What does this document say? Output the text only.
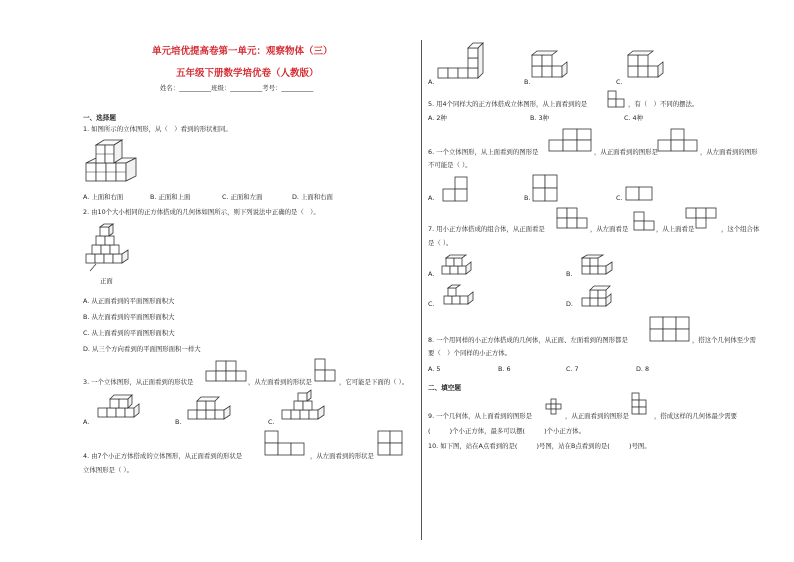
单元培优提高卷第一单元：观察物体（三）
五年级下册数学培优卷（人教版）
姓名：__________班级：__________考号：__________
一、选择题
1. 如图所示的立体图形，从（　）看到的形状相同。
A. 上面和右面	B. 正面和上面	C. 正面和左面	D. 上面和右面
2. 由10个大小相同的正方体搭成的几何体如图所示，则下列说法中正确的是（　）。
正面
A. 从正面看到的平面图形面积大
B. 从左面看到的平面图形面积大
C. 从上面看到的平面图形面积大
D. 从三个方向看到的平面图形面积一样大
3. 一个立体图形，从正面看到的形状是	，从左面看到的形状是	，它可能是下面的（ ）。
A.	B.	C.
4. 由7个小正方体搭成的立体图形，从正面看到的形状是	，从左面看到的形状是
立体图形是（ ）。
A.	B.	C.
5. 用4个同样大的正方体搭成立体图形，从上面看到的是	，有（　）不同的摆法。
A. 2种	B. 3种	C. 4种
6. 一个立体图形，从上面看到的图形是	，从正面看到的图形是	，从左面看到的图形
不可能是（ ）。
A.	B.	C.
7. 用小正方体搭成的组合体，从正面看是	，从左面看是	，从上面看是	，这个组合体
是（ ）。
A.	B.
C.	D.
8. 一个用同样的小正方体搭成的几何体，从正面、左面看到的图形都是	，搭这个几何体至少需
要（　）个同样的小正方体。
A. 5	B. 6	C. 7	D. 8
二、填空题
9. 一个几何体，从上面看到的图形是	，从正面看到的图形是	，搭成这样的几何体最少需要
(　　　)个小正方体，最多可以摆(　　　)个小正方体。
10. 如下图，站在A点看到的是(　　　)号图，站在B点看到的是(　　　)号图。
